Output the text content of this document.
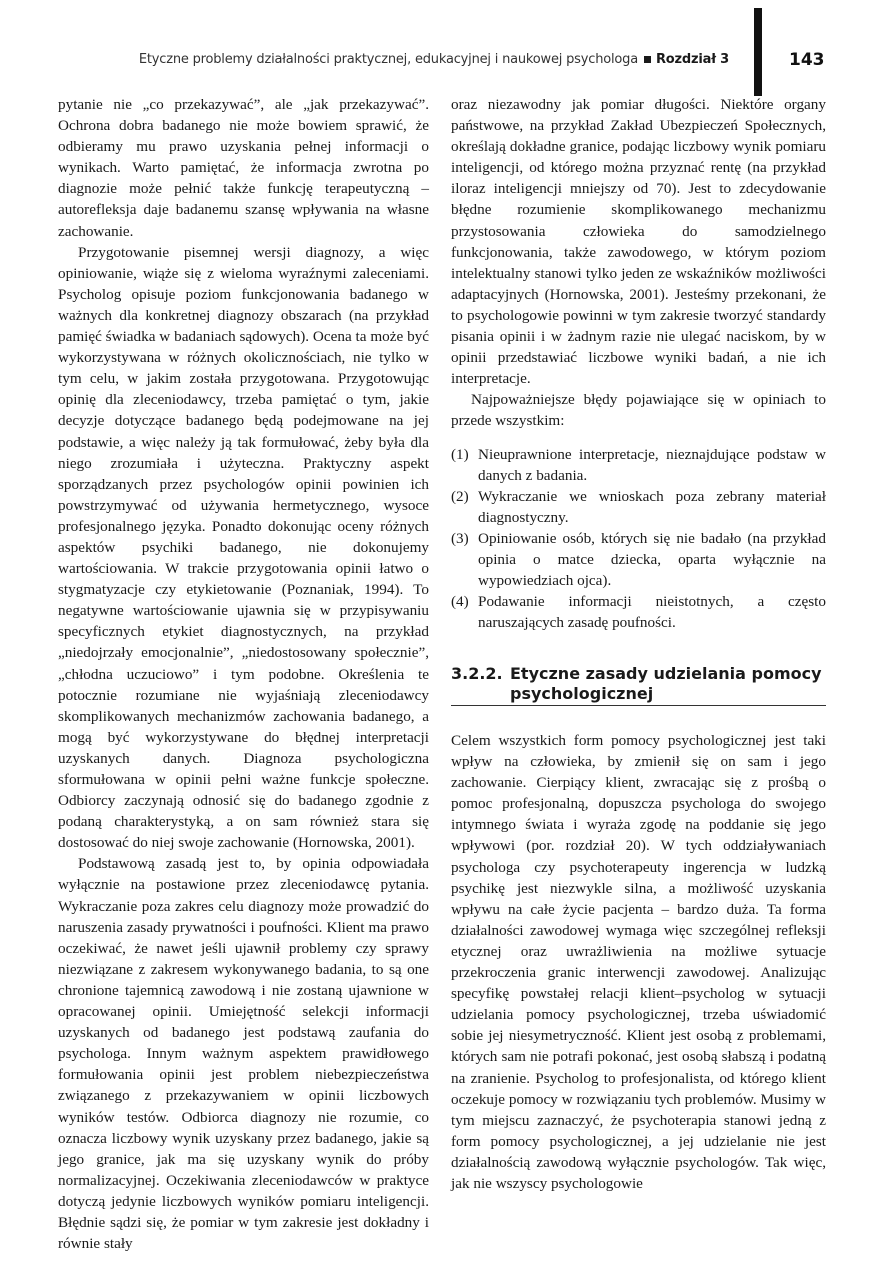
Etyczne problemy działalności praktycznej, edukacyjnej i naukowej psychologa Rozdział 3	143

pytanie nie „co przekazywać”, ale „jak przekazywać”. Ochrona dobra badanego nie może bowiem sprawić, że odbieramy mu prawo uzyskania pełnej informacji o wynikach. Warto pamiętać, że informacja zwrotna po diagnozie może pełnić także funkcję terapeutyczną – autorefleksja daje badanemu szansę wpływania na własne zachowanie.

Przygotowanie pisemnej wersji diagnozy, a więc opiniowanie, wiąże się z wieloma wyraźnymi zaleceniami. Psycholog opisuje poziom funkcjonowania badanego w ważnych dla konkretnej diagnozy obszarach (na przykład pamięć świadka w badaniach sądowych). Ocena ta może być wykorzystywana w różnych okolicznościach, nie tylko w tym celu, w jakim została przygotowana. Przygotowując opinię dla zleceniodawcy, trzeba pamiętać o tym, jakie decyzje dotyczące badanego będą podejmowane na jej podstawie, a więc należy ją tak formułować, żeby była dla niego zrozumiała i użyteczna. Praktyczny aspekt sporządzanych przez psychologów opinii powinien ich powstrzymywać od używania hermetycznego, wysoce profesjonalnego języka. Ponadto dokonując oceny różnych aspektów psychiki badanego, nie dokonujemy wartościowania. W trakcie przygotowania opinii łatwo o stygmatyzacje czy etykietowanie (Poznaniak, 1994). To negatywne wartościowanie ujawnia się w przypisywaniu specyficznych etykiet diagnostycznych, na przykład „niedojrzały emocjonalnie”, „niedostosowany społecznie”, „chłodna uczuciowo” i tym podobne. Określenia te potocznie rozumiane nie wyjaśniają zleceniodawcy skomplikowanych mechanizmów zachowania badanego, a mogą być wykorzystywane do błędnej interpretacji uzyskanych danych. Diagnoza psychologiczna sformułowana w opinii pełni ważne funkcje społeczne. Odbiorcy zaczynają odnosić się do badanego zgodnie z podaną charakterystyką, a on sam również stara się dostosować do niej swoje zachowanie (Hornowska, 2001).

Podstawową zasadą jest to, by opinia odpowiadała wyłącznie na postawione przez zleceniodawcę pytania. Wykraczanie poza zakres celu diagnozy może prowadzić do naruszenia zasady prywatności i poufności. Klient ma prawo oczekiwać, że nawet jeśli ujawnił problemy czy sprawy niezwiązane z zakresem wykonywanego badania, to są one chronione tajemnicą zawodową i nie zostaną ujawnione w opracowanej opinii. Umiejętność selekcji informacji uzyskanych od badanego jest podstawą zaufania do psychologa. Innym ważnym aspektem prawidłowego formułowania opinii jest problem niebezpieczeństwa związanego z przekazywaniem w opinii liczbowych wyników testów. Odbiorca diagnozy nie rozumie, co oznacza liczbowy wynik uzyskany przez badanego, jakie są jego granice, jak ma się uzyskany wynik do próby normalizacyjnej. Oczekiwania zleceniodawców w praktyce dotyczą jedynie liczbowych wyników pomiaru inteligencji. Błędnie sądzi się, że pomiar w tym zakresie jest dokładny i równie stały

oraz niezawodny jak pomiar długości. Niektóre organy państwowe, na przykład Zakład Ubezpieczeń Społecznych, określają dokładne granice, podając liczbowy wynik pomiaru inteligencji, od którego można przyznać rentę (na przykład iloraz inteligencji mniejszy od 70). Jest to zdecydowanie błędne rozumienie skomplikowanego mechanizmu przystosowania człowieka do samodzielnego funkcjonowania, także zawodowego, w którym poziom intelektualny stanowi tylko jeden ze wskaźników możliwości adaptacyjnych (Hornowska, 2001). Jesteśmy przekonani, że to psychologowie powinni w tym zakresie tworzyć standardy pisania opinii i w żadnym razie nie ulegać naciskom, by w opinii przedstawiać liczbowe wyniki badań, a nie ich interpretacje.

Najpoważniejsze błędy pojawiające się w opiniach to przede wszystkim:

(1) Nieuprawnione interpretacje, nieznajdujące podstaw w danych z badania.
(2) Wykraczanie we wnioskach poza zebrany materiał diagnostyczny.
(3) Opiniowanie osób, których się nie badało (na przykład opinia o matce dziecka, oparta wyłącznie na wypowiedziach ojca).
(4) Podawanie informacji nieistotnych, a często naruszających zasadę poufności.
3.2.2. Etyczne zasady udzielania pomocy psychologicznej

Celem wszystkich form pomocy psychologicznej jest taki wpływ na człowieka, by zmienił się on sam i jego zachowanie. Cierpiący klient, zwracając się z prośbą o pomoc profesjonalną, dopuszcza psychologa do swojego intymnego świata i wyraża zgodę na poddanie się jego wpływowi (por. rozdział 20). W tych oddziaływaniach psychologa czy psychoterapeuty ingerencja w ludzką psychikę jest niezwykle silna, a możliwość uzyskania wpływu na całe życie pacjenta – bardzo duża. Ta forma działalności zawodowej wymaga więc szczególnej refleksji etycznej oraz uwrażliwienia na możliwe sytuacje przekroczenia granic interwencji zawodowej. Analizując specyfikę powstałej relacji klient–psycholog w sytuacji udzielania pomocy psychologicznej, trzeba uświadomić sobie jej niesymetryczność. Klient jest osobą z problemami, których sam nie potrafi pokonać, jest osobą słabszą i podatną na zranienie. Psycholog to profesjonalista, od którego klient oczekuje pomocy w rozwiązaniu tych problemów. Musimy w tym miejscu zaznaczyć, że psychoterapia stanowi jedną z form pomocy psychologicznej, a jej udzielanie nie jest działalnością zawodową wyłącznie psychologów. Tak więc, jak nie wszyscy psychologowie
